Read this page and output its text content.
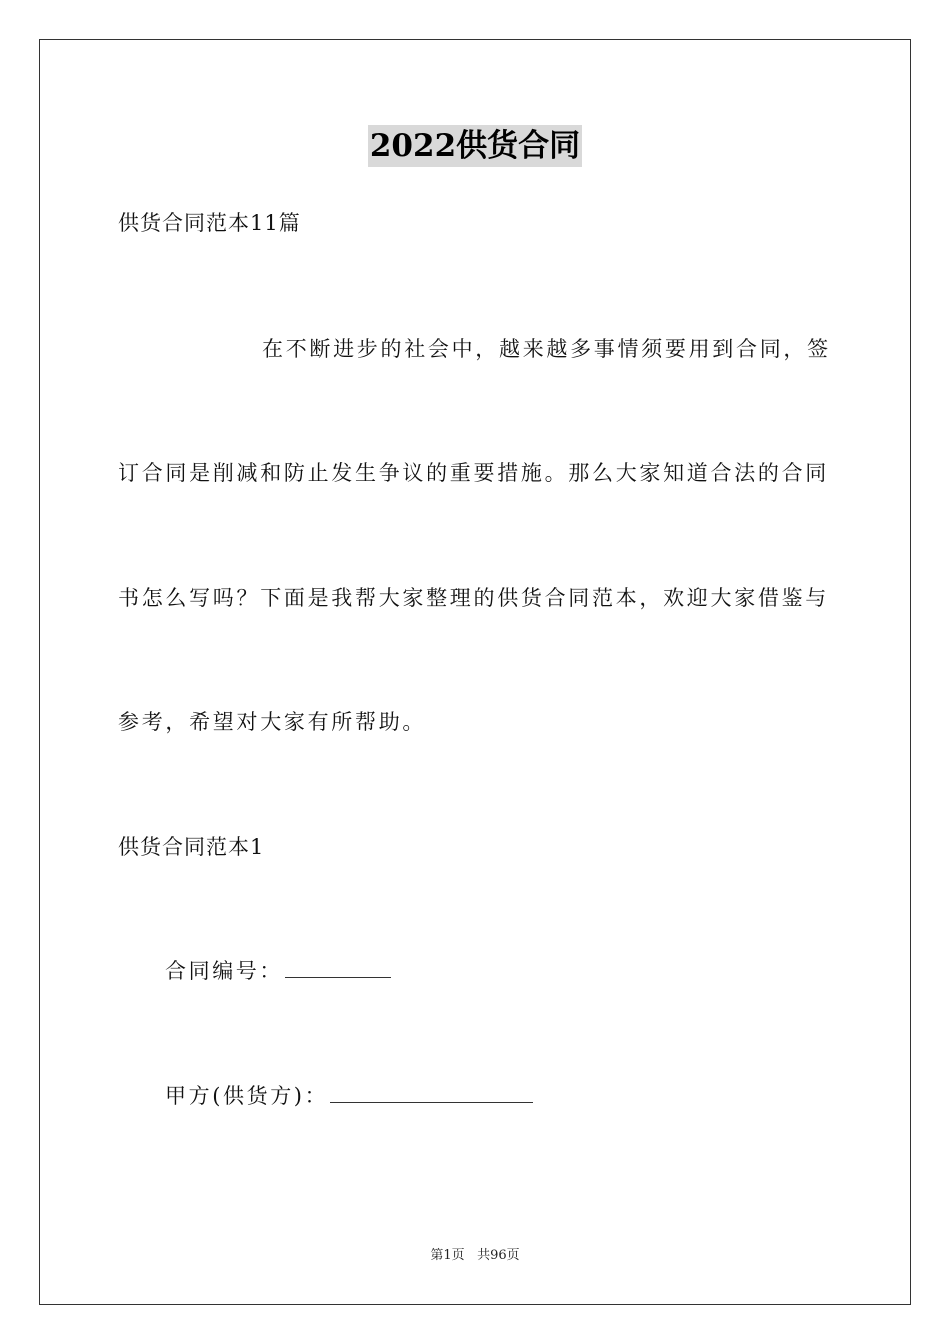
2022供货合同
供货合同范本11篇
在不断进步的社会中，越来越多事情须要用到合同，签
订合同是削减和防止发生争议的重要措施。那么大家知道合法的合同
书怎么写吗？下面是我帮大家整理的供货合同范本，欢迎大家借鉴与
参考，希望对大家有所帮助。
供货合同范本1
合同编号：
甲方(供货方)：
第1页 共96页
